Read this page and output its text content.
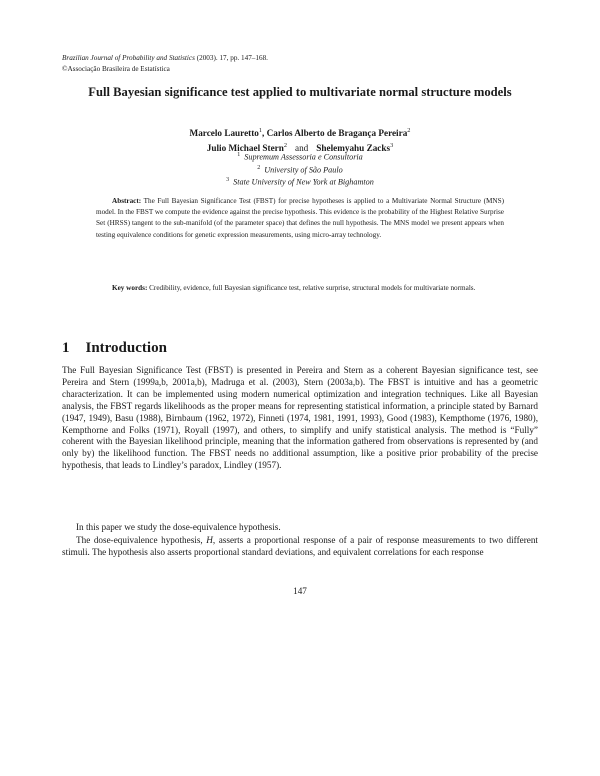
Brazilian Journal of Probability and Statistics (2003). 17, pp. 147–168.
©Associação Brasileira de Estatística
Full Bayesian significance test applied to multivariate normal structure models
Marcelo Lauretto$^1$, Carlos Alberto de Bragança Pereira$^2$
Julio Michael Stern$^2$ and Shelemyahu Zacks$^3$
$^1$ Supremum Assessoria e Consultoria
$^2$ University of São Paulo
$^3$ State University of New York at Bighamton

Abstract: The Full Bayesian Significance Test (FBST) for precise hypotheses is applied to a Multivariate Normal Structure (MNS) model. In the FBST we compute the evidence against the precise hypothesis. This evidence is the probability of the Highest Relative Surprise Set (HRSS) tangent to the sub-manifold (of the parameter space) that defines the null hypothesis. The MNS model we present appears when testing equivalence conditions for genetic expression measurements, using micro-array technology.

Key words: Credibility, evidence, full Bayesian significance test, relative surprise, structural models for multivariate normals.

1 Introduction

The Full Bayesian Significance Test (FBST) is presented in Pereira and Stern as a coherent Bayesian significance test, see Pereira and Stern (1999a,b, 2001a,b), Madruga et al. (2003), Stern (2003a,b). The FBST is intuitive and has a geometric characterization. It can be implemented using modern numerical optimization and integration techniques. Like all Bayesian analysis, the FBST regards likelihoods as the proper means for representing statistical information, a principle stated by Barnard (1947, 1949), Basu (1988), Birnbaum (1962, 1972), Finneti (1974, 1981, 1991, 1993), Good (1983), Kempthome (1976, 1980), Kempthorne and Folks (1971), Royall (1997), and others, to simplify and unify statistical analysis. The method is “Fully” coherent with the Bayesian likelihood principle, meaning that the information gathered from observations is represented by (and only by) the likelihood function. The FBST needs no additional assumption, like a positive prior probability of the precise hypothesis, that leads to Lindley’s paradox, Lindley (1957).

In this paper we study the dose-equivalence hypothesis.

The dose-equivalence hypothesis, H, asserts a proportional response of a pair of response measurements to two different stimuli. The hypothesis also asserts proportional standard deviations, and equivalent correlations for each response

147
